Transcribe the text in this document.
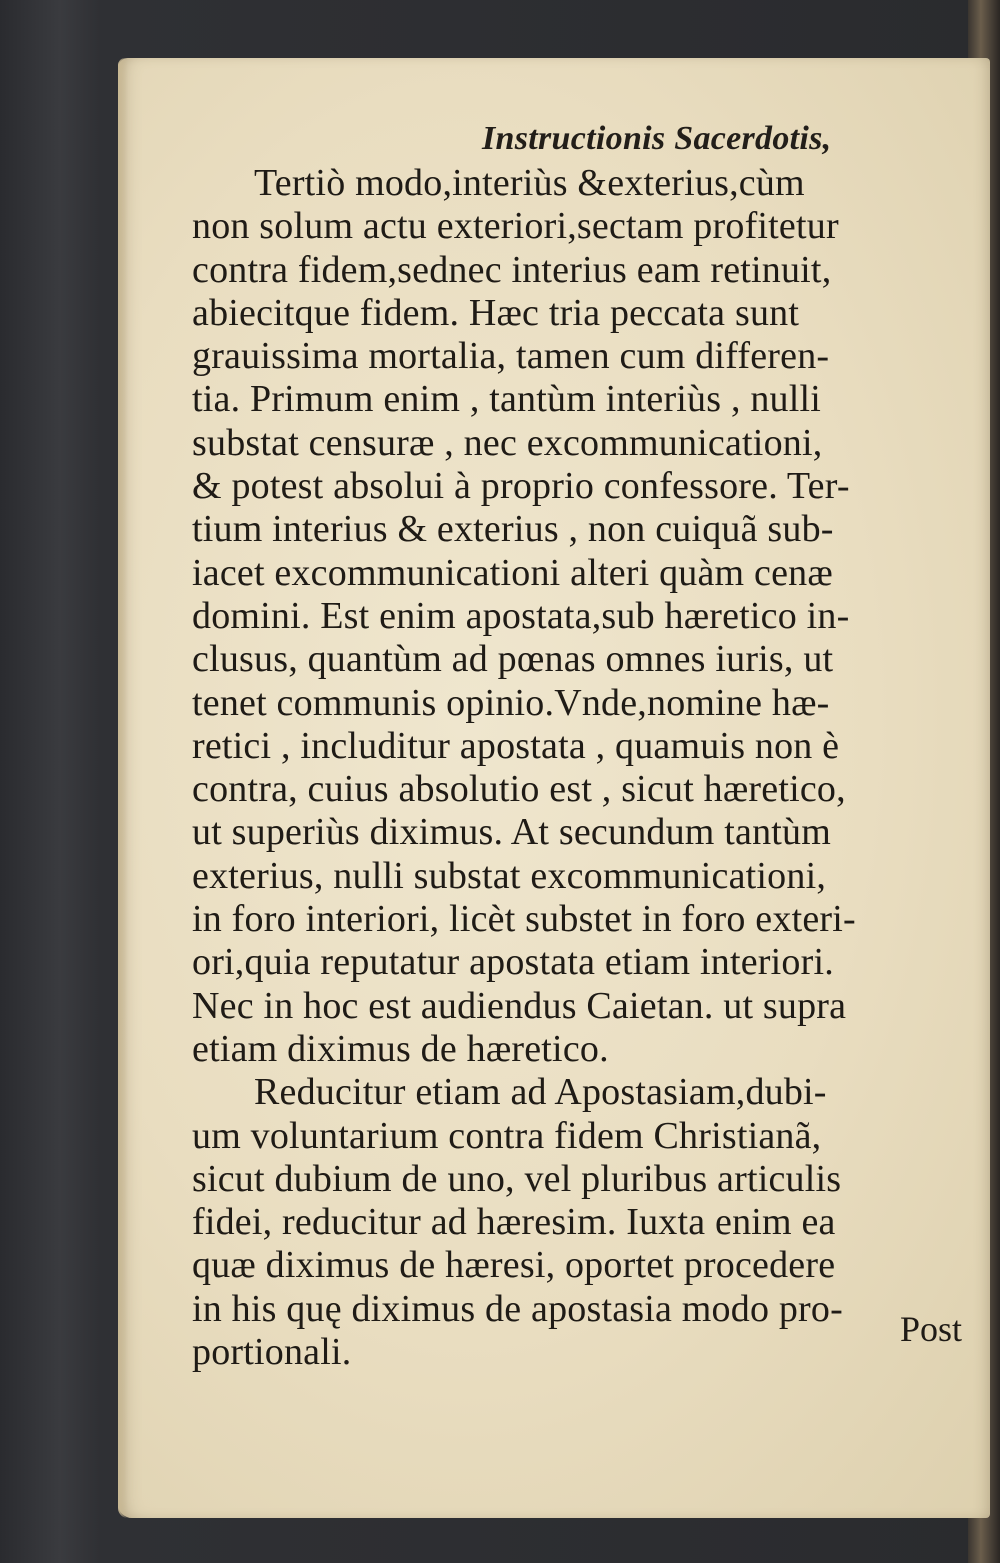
Instructionis Sacerdotis,
Tertiò modo,interiùs &exterius,cùm
non solum actu exteriori,sectam profitetur
contra fidem,sednec interius eam retinuit,
abiecitque fidem. Hæc tria peccata sunt
grauissima mortalia, tamen cum differen-
tia. Primum enim , tantùm interiùs , nulli
substat censuræ , nec excommunicationi,
& potest absolui à proprio confessore. Ter-
tium interius & exterius , non cuiquã sub-
iacet excommunicationi alteri quàm cenæ
domini. Est enim apostata,sub hæretico in-
clusus, quantùm ad pœnas omnes iuris, ut
tenet communis opinio.Vnde,nomine hæ-
retici , includitur apostata , quamuis non è
contra, cuius absolutio est , sicut hæretico,
ut superiùs diximus. At secundum tantùm
exterius, nulli substat excommunicationi,
in foro interiori, licèt substet in foro exteri-
ori,quia reputatur apostata etiam interiori.
Nec in hoc est audiendus Caietan. ut supra
etiam diximus de hæretico.
Reducitur etiam ad Apostasiam,dubi-
um voluntarium contra fidem Christianã,
sicut dubium de uno, vel pluribus articulis
fidei, reducitur ad hæresim. Iuxta enim ea
quæ diximus de hæresi, oportet procedere
in his quę diximus de apostasia modo pro-
portionali.
Post
